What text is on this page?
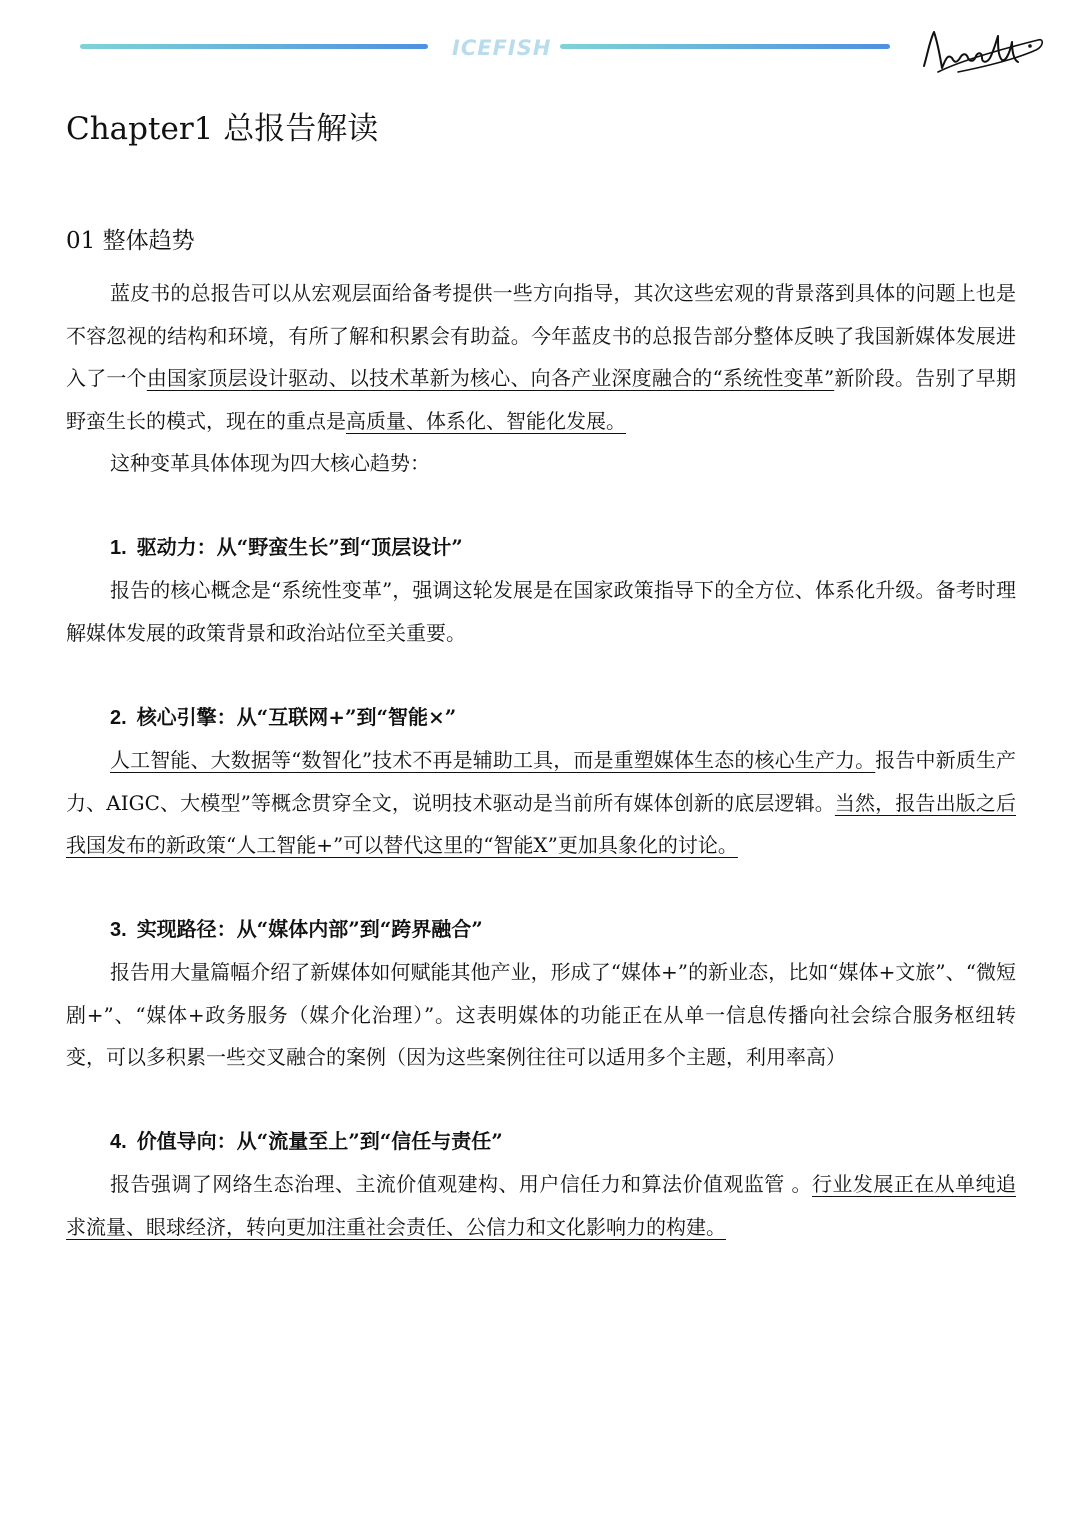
ICEFISH
Chapter1 总报告解读
01 整体趋势

蓝皮书的总报告可以从宏观层面给备考提供一些方向指导，其次这些宏观的背景落到具体的问题上也是不容忽视的结构和环境，有所了解和积累会有助益。今年蓝皮书的总报告部分整体反映了我国新媒体发展进入了一个由国家顶层设计驱动、以技术革新为核心、向各产业深度融合的“系统性变革”新阶段。告别了早期野蛮生长的模式，现在的重点是高质量、体系化、智能化发展。

这种变革具体体现为四大核心趋势：

1. 驱动力：从“野蛮生长”到“顶层设计”

报告的核心概念是“系统性变革”，强调这轮发展是在国家政策指导下的全方位、体系化升级。备考时理解媒体发展的政策背景和政治站位至关重要。

2. 核心引擎：从“互联网+”到“智能×”

人工智能、大数据等“数智化”技术不再是辅助工具，而是重塑媒体生态的核心生产力。报告中新质生产力、AIGC、大模型”等概念贯穿全文，说明技术驱动是当前所有媒体创新的底层逻辑。当然，报告出版之后我国发布的新政策“人工智能+”可以替代这里的“智能X”更加具象化的讨论。

3. 实现路径：从“媒体内部”到“跨界融合”

报告用大量篇幅介绍了新媒体如何赋能其他产业，形成了“媒体+”的新业态，比如“媒体+文旅”、“微短剧+”、“媒体+政务服务（媒介化治理）”。这表明媒体的功能正在从单一信息传播向社会综合服务枢纽转变，可以多积累一些交叉融合的案例（因为这些案例往往可以适用多个主题，利用率高）

4. 价值导向：从“流量至上”到“信任与责任”

报告强调了网络生态治理、主流价值观建构、用户信任力和算法价值观监管 。行业发展正在从单纯追求流量、眼球经济，转向更加注重社会责任、公信力和文化影响力的构建。
